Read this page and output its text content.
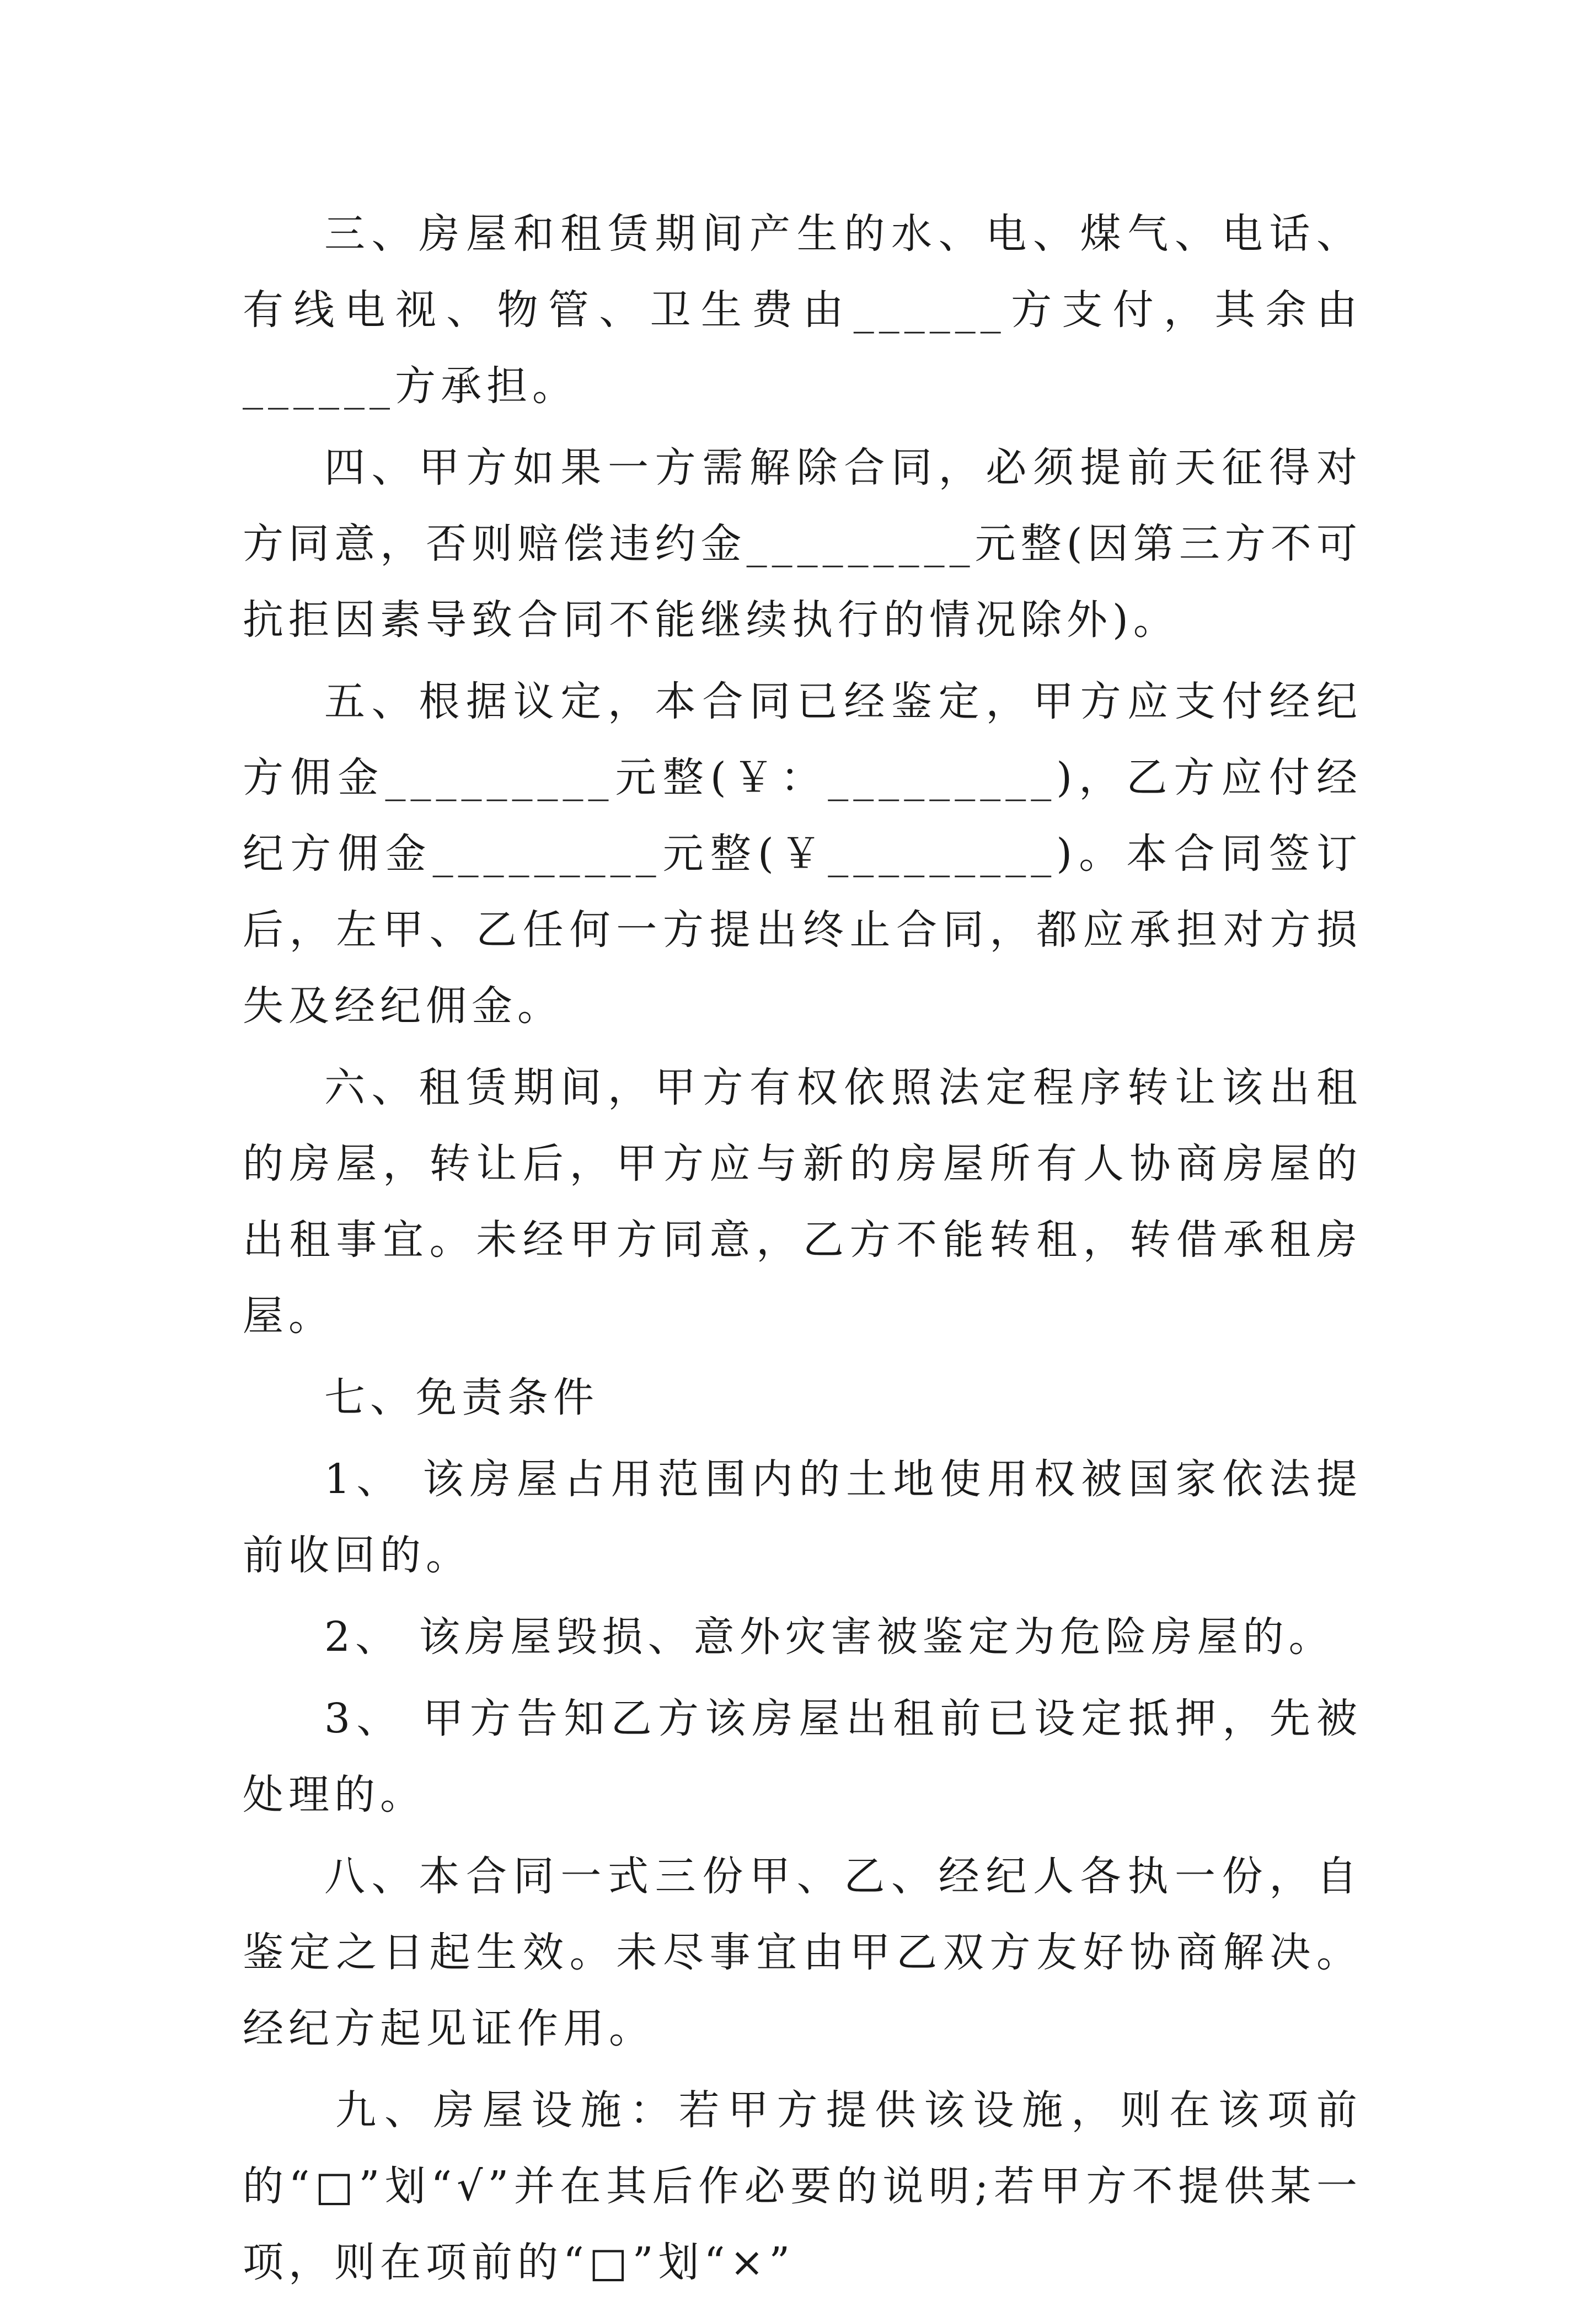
三、房屋和租赁期间产生的水、电、煤气、电话、有线电视、物管、卫生费由______方支付，其余由______方承担。

四、甲方如果一方需解除合同，必须提前天征得对方同意，否则赔偿违约金_________元整(因第三方不可抗拒因素导致合同不能继续执行的情况除外)。

五、根据议定，本合同已经鉴定，甲方应支付经纪方佣金_________元整(￥：_________)，乙方应付经纪方佣金_________元整(￥_________)。本合同签订后，左甲、乙任何一方提出终止合同，都应承担对方损失及经纪佣金。

六、租赁期间，甲方有权依照法定程序转让该出租的房屋，转让后，甲方应与新的房屋所有人协商房屋的出租事宜。未经甲方同意，乙方不能转租，转借承租房屋。

七、免责条件

1、 该房屋占用范围内的土地使用权被国家依法提前收回的。

2、 该房屋毁损、意外灾害被鉴定为危险房屋的。

3、 甲方告知乙方该房屋出租前已设定抵押，先被处理的。

八、本合同一式三份甲、乙、经纪人各执一份，自鉴定之日起生效。未尽事宜由甲乙双方友好协商解决。经纪方起见证作用。

九、房屋设施：若甲方提供该设施，则在该项前的“□”划“√”并在其后作必要的说明;若甲方不提供某一项，则在项前的“□”划“×”
